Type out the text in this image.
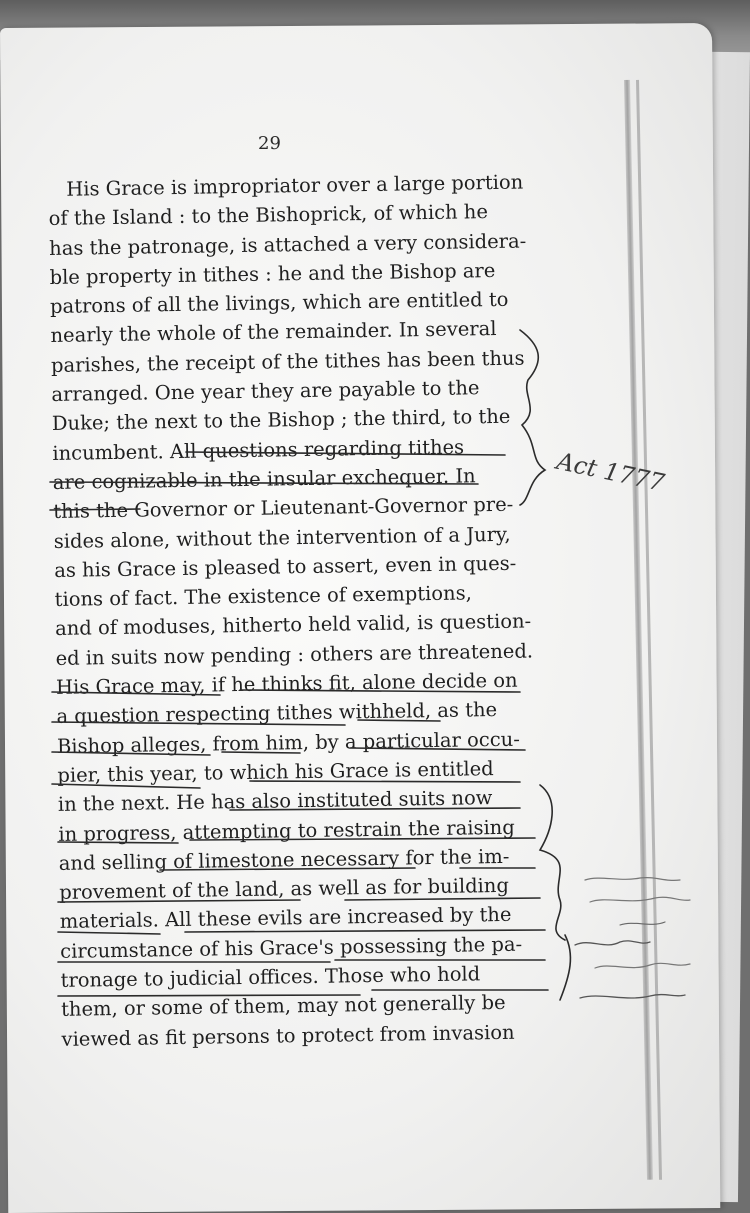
29
His Grace is impropriator over a large portion
of the Island : to the Bishoprick, of which he
has the patronage, is attached a very considera-
ble property in tithes : he and the Bishop are
patrons of all the livings, which are entitled to
nearly the whole of the remainder. In several
parishes, the receipt of the tithes has been thus
arranged. One year they are payable to the
Duke; the next to the Bishop ; the third, to the
incumbent. All questions regarding tithes
are cognizable in the insular exchequer. In
this the Governor or Lieutenant-Governor pre-
sides alone, without the intervention of a Jury,
as his Grace is pleased to assert, even in ques-
tions of fact. The existence of exemptions,
and of moduses, hitherto held valid, is question-
ed in suits now pending : others are threatened.
His Grace may, if he thinks fit, alone decide on
a question respecting tithes withheld, as the
Bishop alleges, from him, by a particular occu-
pier, this year, to which his Grace is entitled
in the next. He has also instituted suits now
in progress, attempting to restrain the raising
and selling of limestone necessary for the im-
provement of the land, as well as for building
materials. All these evils are increased by the
circumstance of his Grace's possessing the pa-
tronage to judicial offices. Those who hold
them, or some of them, may not generally be
viewed as fit persons to protect from invasion
Act 1777
